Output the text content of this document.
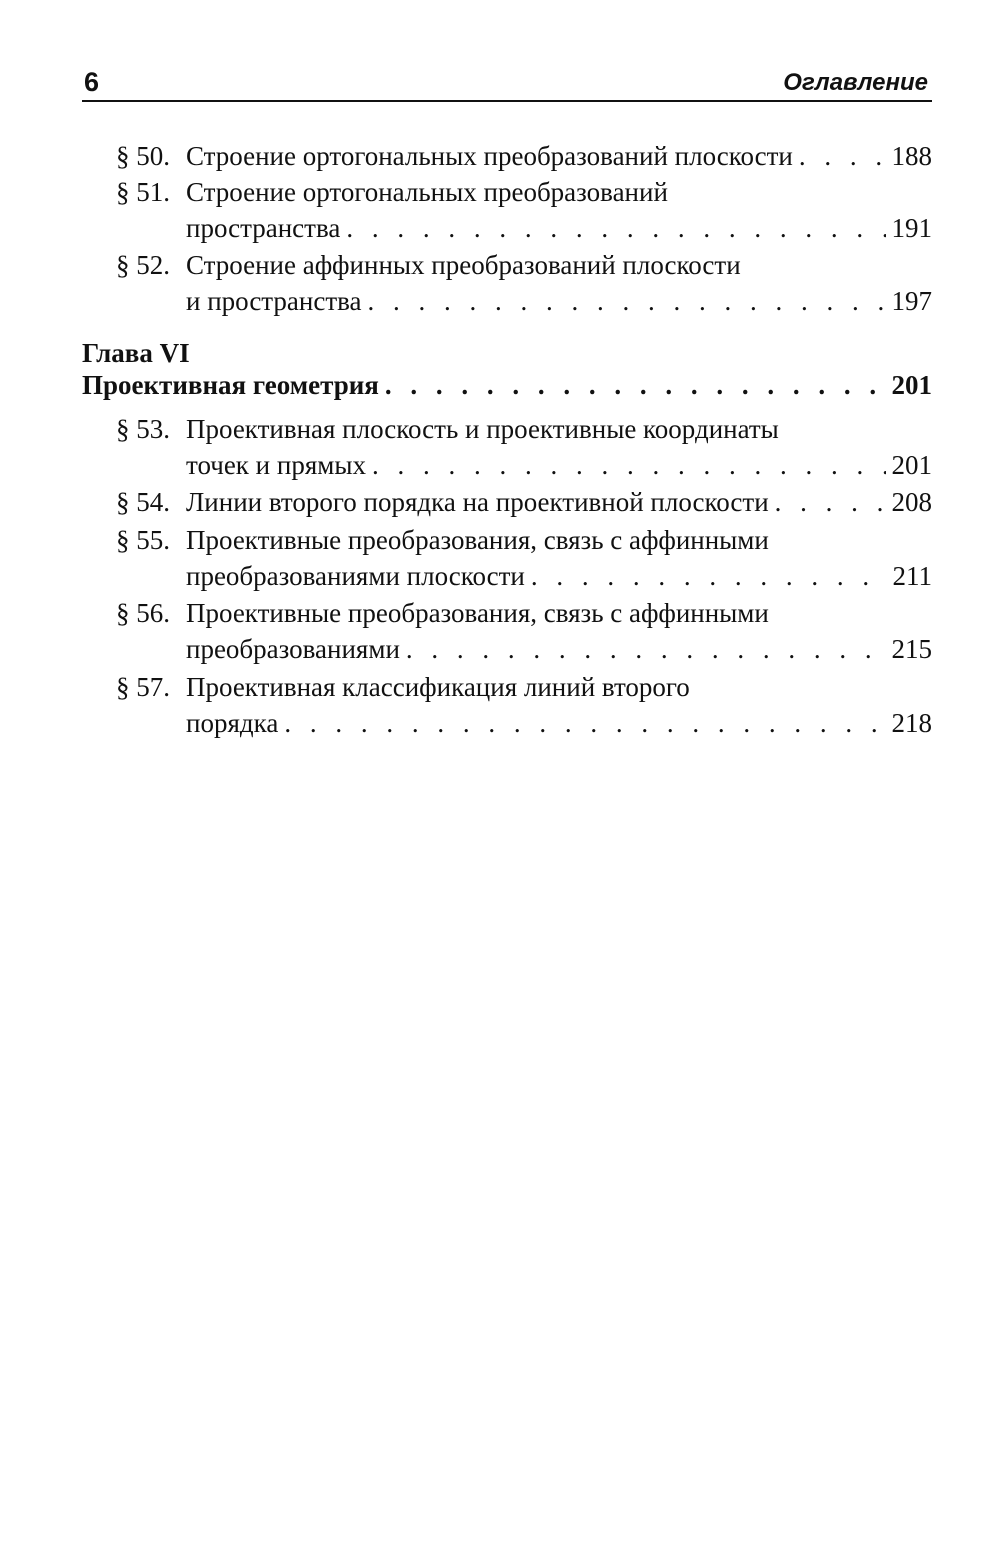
6	Оглавление
§ 50. Строение ортогональных преобразований плоскости . . .	188
§ 51. Строение ортогональных преобразований
пространства . . .	191
§ 52. Строение аффинных преобразований плоскости
и пространства . . .	197
Глава VI
Проективная геометрия . . .	201
§ 53. Проективная плоскость и проективные координаты
точек и прямых . . .	201
§ 54. Линии второго порядка на проективной плоскости . . .	208
§ 55. Проективные преобразования, связь с аффинными
преобразованиями плоскости . . .	211
§ 56. Проективные преобразования, связь с аффинными
преобразованиями . . .	215
§ 57. Проективная классификация линий второго
порядка . . .	218
